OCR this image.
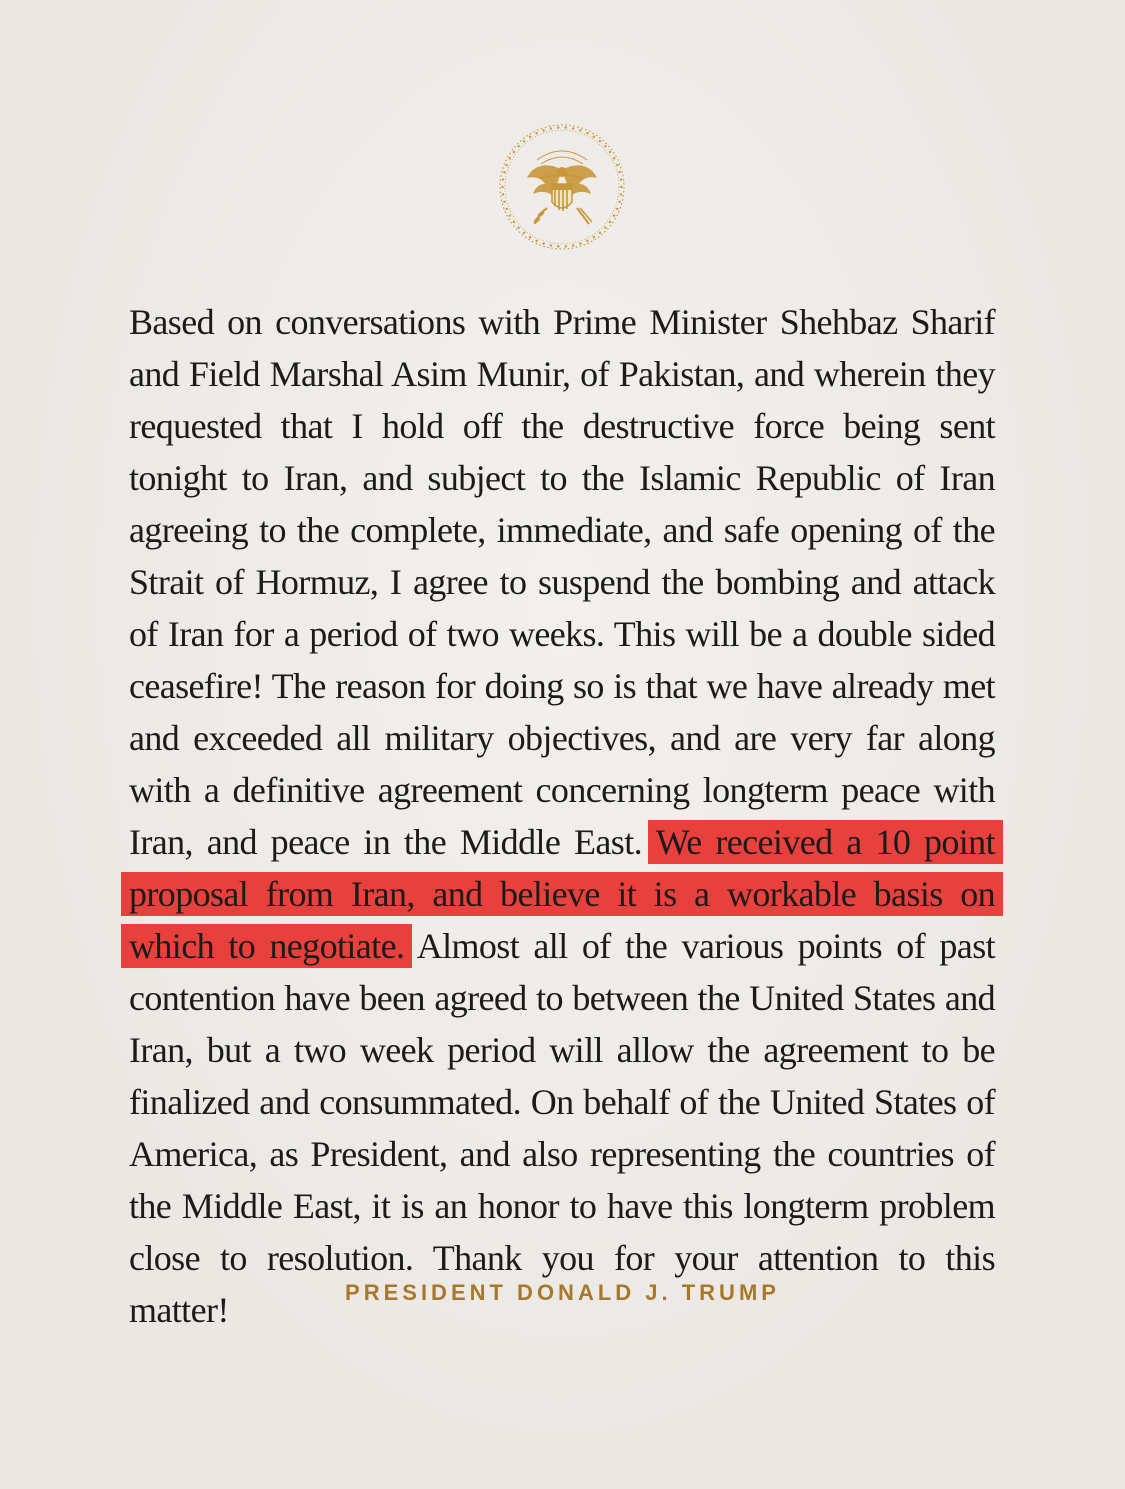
Based on conversations with Prime Minister Shehbaz Sharif and Field Marshal Asim Munir, of Pakistan, and wherein they requested that I hold off the destructive force being sent tonight to Iran, and subject to the Islamic Republic of Iran agreeing to the complete, immediate, and safe opening of the Strait of Hormuz, I agree to suspend the bombing and attack of Iran for a period of two weeks. This will be a double sided ceasefire! The reason for doing so is that we have already met and exceeded all military objectives, and are very far along with a definitive agreement concerning longterm peace with Iran, and peace in the Middle East. We received a 10 point proposal from Iran, and believe it is a workable basis on which to negotiate. Almost all of the various points of past contention have been agreed to between the United States and Iran, but a two week period will allow the agreement to be finalized and consummated. On behalf of the United States of America, as President, and also representing the countries of the Middle East, it is an honor to have this longterm problem close to resolution. Thank you for your attention to this matter!	PRESIDENT DONALD J. TRUMP
